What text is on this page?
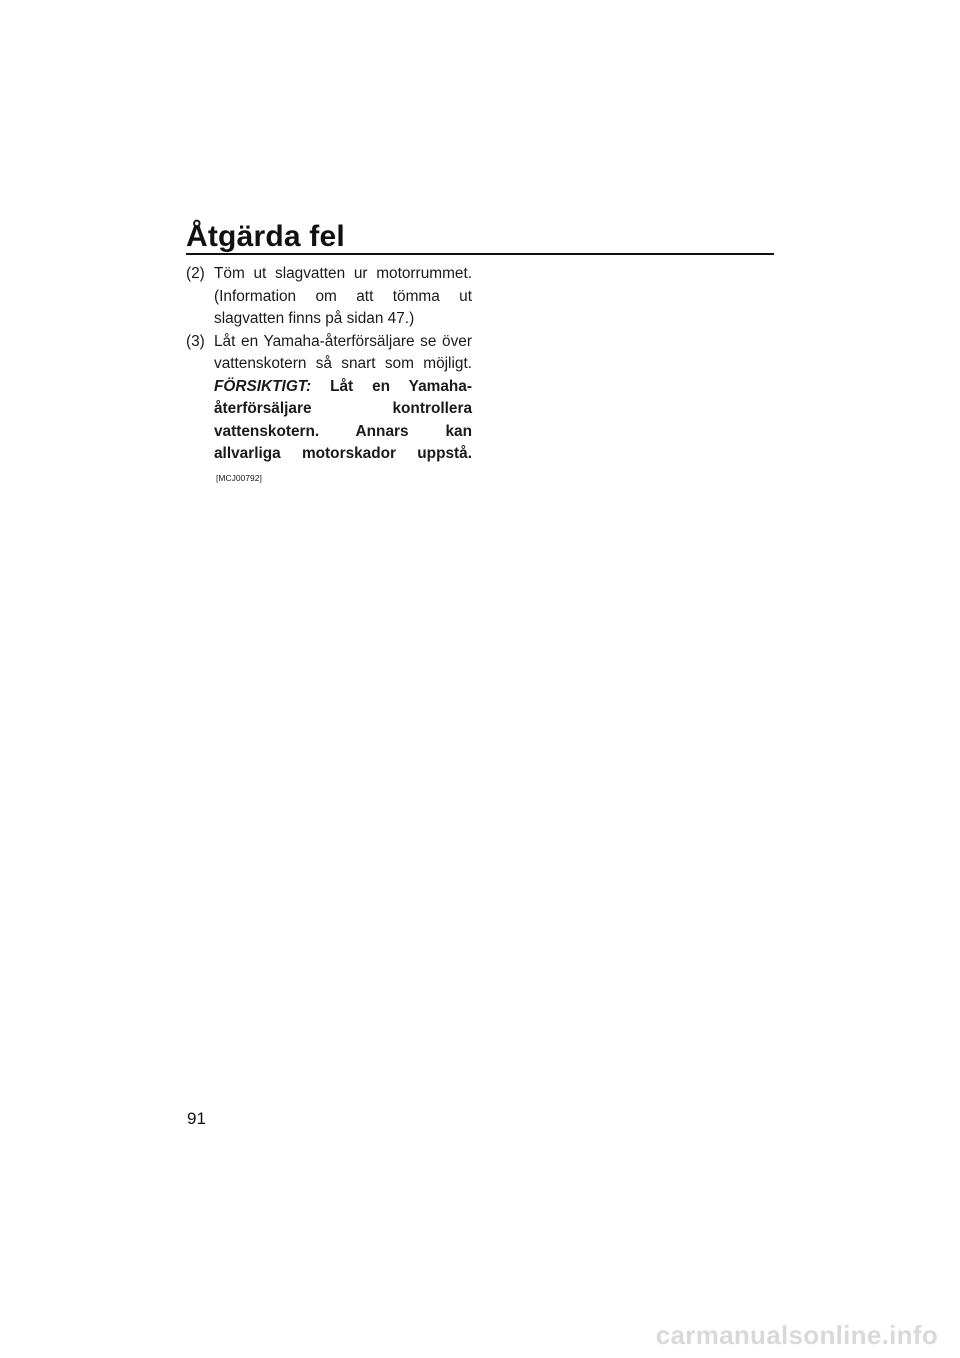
Åtgärda fel

(2) Töm ut slagvatten ur motorrummet. (Information om att tömma ut slagvatten finns på sidan 47.)

(3) Låt en Yamaha-återförsäljare se över vattenskotern så snart som möjligt. FÖRSIKTIGT: Låt en Yamaha-återförsäljare kontrollera vattenskotern. Annars kan allvarliga motorskador uppstå.[MCJ00792]

91
carmanualsonline.info
